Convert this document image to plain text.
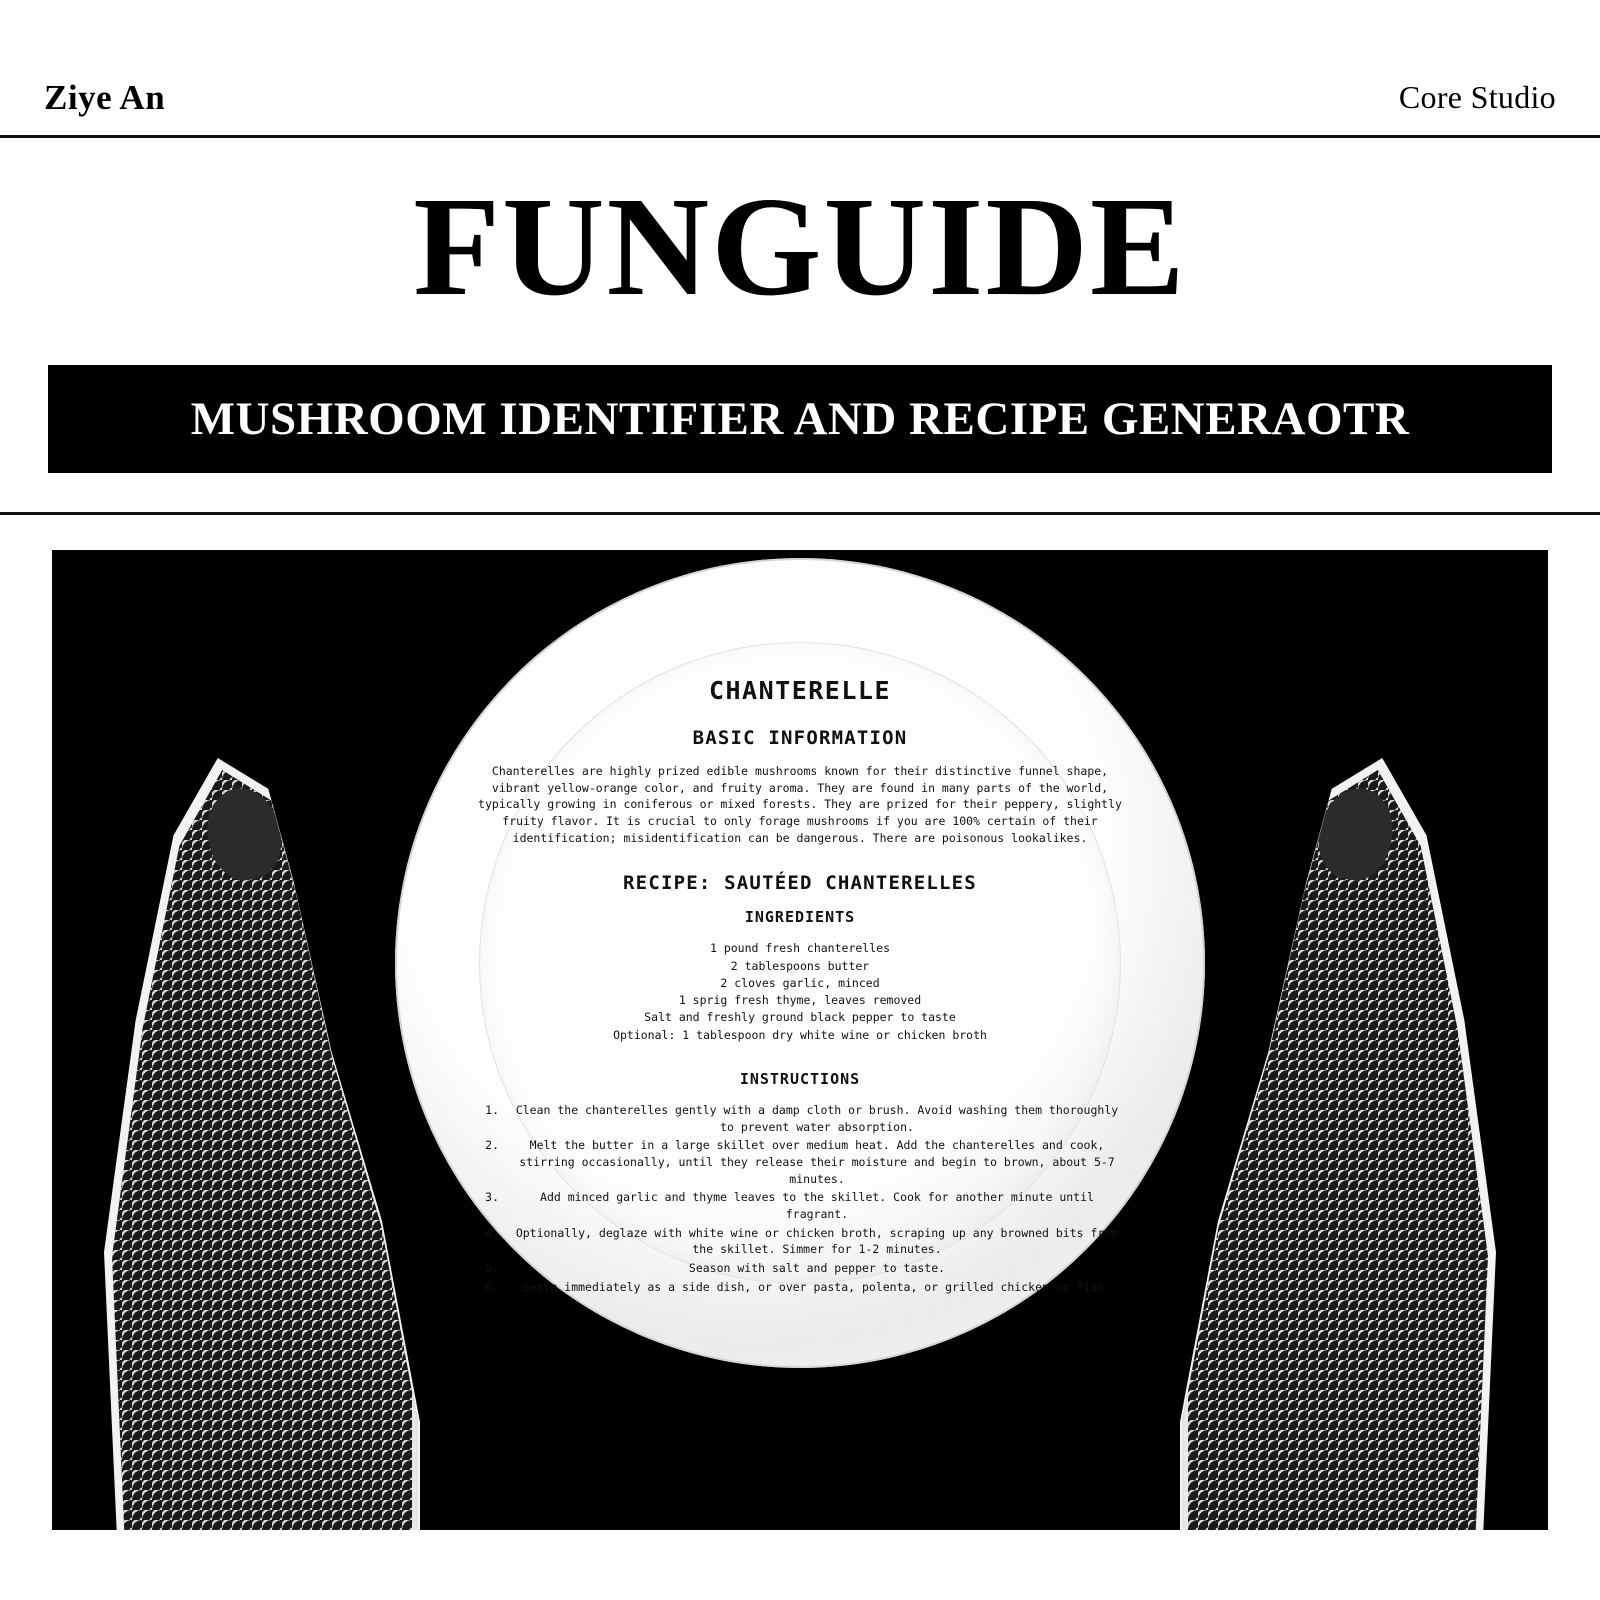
Ziye An	Core Studio
FUNGUIDE
MUSHROOM IDENTIFIER AND RECIPE GENERAOTR
CHANTERELLE
BASIC INFORMATION
Chanterelles are highly prized edible mushrooms known for their distinctive funnel shape, vibrant yellow-orange color, and fruity aroma. They are found in many parts of the world, typically growing in coniferous or mixed forests. They are prized for their peppery, slightly fruity flavor. It is crucial to only forage mushrooms if you are 100% certain of their identification; misidentification can be dangerous. There are poisonous lookalikes.
RECIPE: SAUTÉED CHANTERELLES
INGREDIENTS
1 pound fresh chanterelles
2 tablespoons butter
2 cloves garlic, minced
1 sprig fresh thyme, leaves removed
Salt and freshly ground black pepper to taste
Optional: 1 tablespoon dry white wine or chicken broth
INSTRUCTIONS
1.	Clean the chanterelles gently with a damp cloth or brush. Avoid washing them thoroughly to prevent water absorption.
2.	Melt the butter in a large skillet over medium heat. Add the chanterelles and cook, stirring occasionally, until they release their moisture and begin to brown, about 5-7 minutes.
3.	Add minced garlic and thyme leaves to the skillet. Cook for another minute until fragrant.
4.	Optionally, deglaze with white wine or chicken broth, scraping up any browned bits from the skillet. Simmer for 1-2 minutes.
5.	Season with salt and pepper to taste.
6.	Serve immediately as a side dish, or over pasta, polenta, or grilled chicken or fish.
